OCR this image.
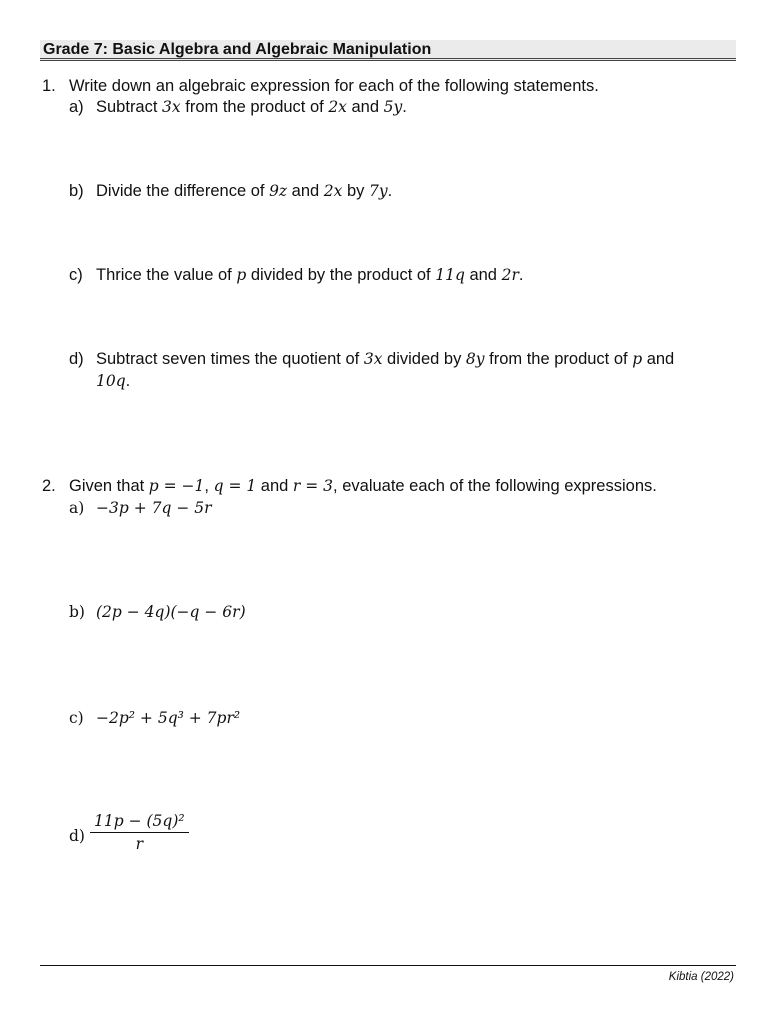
Grade 7: Basic Algebra and Algebraic Manipulation
1. Write down an algebraic expression for each of the following statements.
a) Subtract 3x from the product of 2x and 5y.
b) Divide the difference of 9z and 2x by 7y.
c) Thrice the value of p divided by the product of 11q and 2r.
d) Subtract seven times the quotient of 3x divided by 8y from the product of p and
10q.
2. Given that p = −1, q = 1 and r = 3, evaluate each of the following expressions.
a) −3p + 7q − 5r
b) (2p − 4q)(−q − 6r)
c) −2p² + 5q³ + 7pr²
$d) \frac{\text{11p − (5q)²}}{r}$
Kibtia (2022)
